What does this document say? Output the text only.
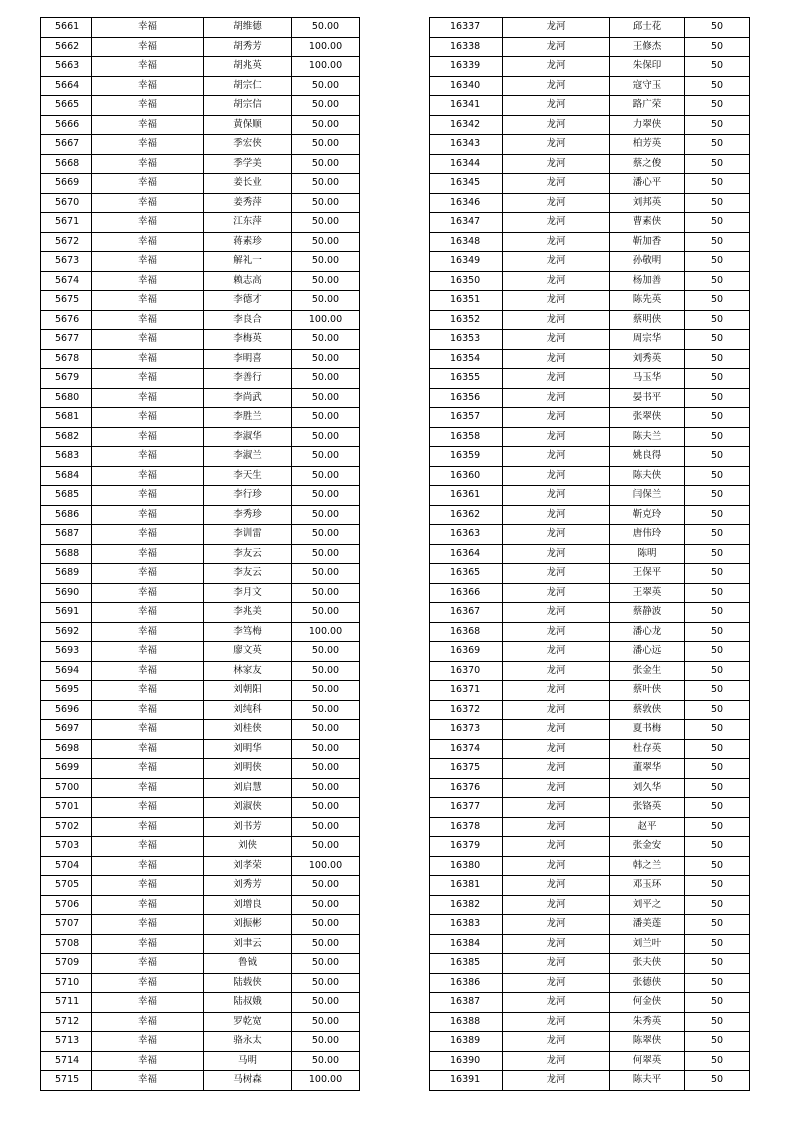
5661	幸福	胡维德	50.00
5662	幸福	胡秀芳	100.00
5663	幸福	胡兆英	100.00
5664	幸福	胡宗仁	50.00
5665	幸福	胡宗信	50.00
5666	幸福	黄保顺	50.00
5667	幸福	季宏侠	50.00
5668	幸福	季学美	50.00
5669	幸福	姜长业	50.00
5670	幸福	姜秀萍	50.00
5671	幸福	江东萍	50.00
5672	幸福	蒋素珍	50.00
5673	幸福	解礼一	50.00
5674	幸福	赖志高	50.00
5675	幸福	李德才	50.00
5676	幸福	李良合	100.00
5677	幸福	李梅英	50.00
5678	幸福	李明喜	50.00
5679	幸福	李善行	50.00
5680	幸福	李尚武	50.00
5681	幸福	李胜兰	50.00
5682	幸福	李淑华	50.00
5683	幸福	李淑兰	50.00
5684	幸福	李天生	50.00
5685	幸福	李行珍	50.00
5686	幸福	李秀珍	50.00
5687	幸福	李训雷	50.00
5688	幸福	李友云	50.00
5689	幸福	李友云	50.00
5690	幸福	李月文	50.00
5691	幸福	李兆美	50.00
5692	幸福	李笃梅	100.00
5693	幸福	廖文英	50.00
5694	幸福	林家友	50.00
5695	幸福	刘朝阳	50.00
5696	幸福	刘纯科	50.00
5697	幸福	刘桂侠	50.00
5698	幸福	刘明华	50.00
5699	幸福	刘明侠	50.00
5700	幸福	刘启慧	50.00
5701	幸福	刘淑侠	50.00
5702	幸福	刘书芳	50.00
5703	幸福	刘侠	50.00
5704	幸福	刘孝荣	100.00
5705	幸福	刘秀芳	50.00
5706	幸福	刘增良	50.00
5707	幸福	刘振彬	50.00
5708	幸福	刘聿云	50.00
5709	幸福	鲁钺	50.00
5710	幸福	陆载侠	50.00
5711	幸福	陆叔娥	50.00
5712	幸福	罗乾宽	50.00
5713	幸福	骆永太	50.00
5714	幸福	马明	50.00
5715	幸福	马树森	100.00
16337	龙河	邱士花	50
16338	龙河	王修杰	50
16339	龙河	朱保印	50
16340	龙河	寇守玉	50
16341	龙河	路广荣	50
16342	龙河	力翠侠	50
16343	龙河	柏芳英	50
16344	龙河	蔡之俊	50
16345	龙河	潘心平	50
16346	龙河	刘邦英	50
16347	龙河	曹素侠	50
16348	龙河	靳加香	50
16349	龙河	孙敬明	50
16350	龙河	杨加善	50
16351	龙河	陈先英	50
16352	龙河	蔡明侠	50
16353	龙河	周宗华	50
16354	龙河	刘秀英	50
16355	龙河	马玉华	50
16356	龙河	晏书平	50
16357	龙河	张翠侠	50
16358	龙河	陈夫兰	50
16359	龙河	姚良得	50
16360	龙河	陈夫侠	50
16361	龙河	闫保兰	50
16362	龙河	靳克玲	50
16363	龙河	唐伟玲	50
16364	龙河	陈明	50
16365	龙河	王保平	50
16366	龙河	王翠英	50
16367	龙河	蔡静波	50
16368	龙河	潘心龙	50
16369	龙河	潘心远	50
16370	龙河	张金生	50
16371	龙河	蔡叶侠	50
16372	龙河	蔡敦侠	50
16373	龙河	夏书梅	50
16374	龙河	杜存英	50
16375	龙河	董翠华	50
16376	龙河	刘久华	50
16377	龙河	张铬英	50
16378	龙河	赵平	50
16379	龙河	张金安	50
16380	龙河	韩之兰	50
16381	龙河	邓玉环	50
16382	龙河	刘平之	50
16383	龙河	潘美莲	50
16384	龙河	刘兰叶	50
16385	龙河	张夫侠	50
16386	龙河	张德侠	50
16387	龙河	何金侠	50
16388	龙河	朱秀英	50
16389	龙河	陈翠侠	50
16390	龙河	何翠英	50
16391	龙河	陈夫平	50
